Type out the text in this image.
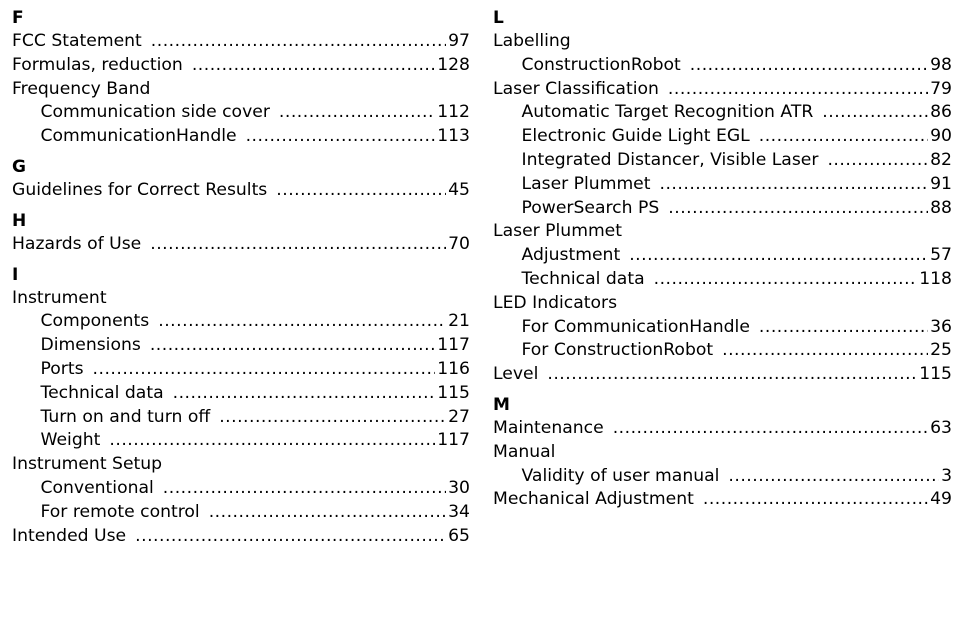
F
FCC Statement .....	97
Formulas, reduction .....	128
Frequency Band
Communication side cover .....	112
CommunicationHandle .....	113
G
Guidelines for Correct Results .....	45
H
Hazards of Use .....	70
I
Instrument
Components .....	21
Dimensions .....	117
Ports .....	116
Technical data .....	115
Turn on and turn off .....	27
Weight .....	117
Instrument Setup
Conventional .....	30
For remote control .....	34
Intended Use .....	65
L
Labelling
ConstructionRobot .....	98
Laser Classification .....	79
Automatic Target Recognition ATR .....	86
Electronic Guide Light EGL .....	90
Integrated Distancer, Visible Laser .....	82
Laser Plummet .....	91
PowerSearch PS .....	88
Laser Plummet
Adjustment .....	57
Technical data .....	118
LED Indicators
For CommunicationHandle .....	36
For ConstructionRobot .....	25
Level .....	115
M
Maintenance .....	63
Manual
Validity of user manual .....	3
Mechanical Adjustment .....	49
